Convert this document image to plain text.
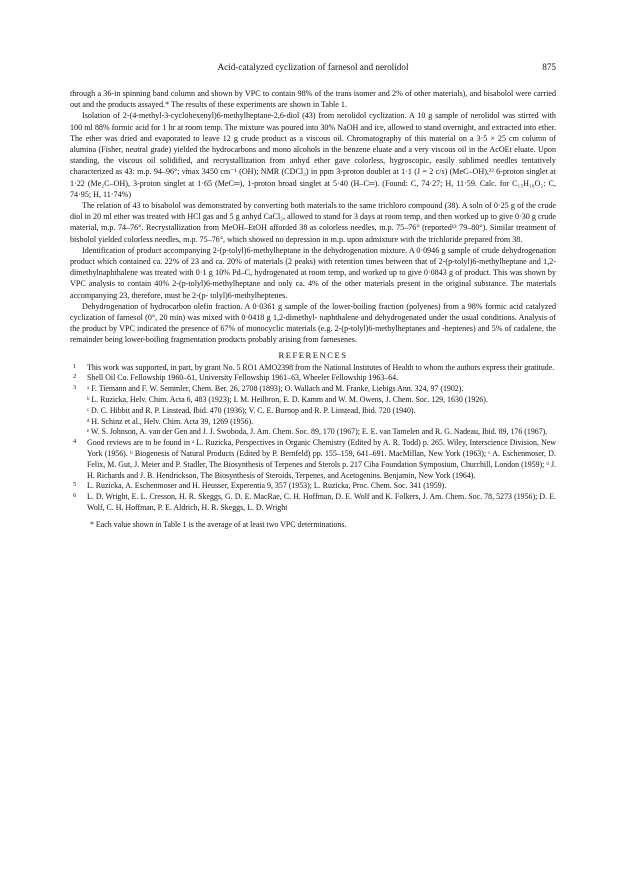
Acid-catalyzed cyclization of farnesol and nerolidol	875

through a 36-in spinning band column and shown by VPC to contain 98% of the trans isomer and 2% of other materials), and bisabolol were carried out and the products assayed.* The results of these experiments are shown in Table 1.

Isolation of 2-(4-methyl-3-cyclohexenyl)6-methylheptane-2,6-diol (43) from nerolidol cyclization. A 10 g sample of nerolidol was stirred with 100 ml 88% formic acid for 1 hr at room temp. The mixture was poured into 30% NaOH and ice, allowed to stand overnight, and extracted into ether. The ether was dried and evaporated to leave 12 g crude product as a viscous oil. Chromatography of this material on a 3·5 × 25 cm column of alumina (Fisher, neutral grade) yielded the hydrocarbons and mono alcohols in the benzene eluate and a very viscous oil in the AcOEt eluate. Upon standing, the viscous oil solidified, and recrystallization from anhyd ether gave colorless, hygroscopic, easily sublimed needles tentatively characterized as 43: m.p. 94–96°; ν̃max 3450 cm⁻¹ (OH); NMR (CDCl₃) in ppm 3-proton doublet at 1·1 (J = 2 c/s) (MeC–OH),²² 6-proton singlet at 1·22 (Me₂C–OH), 3-proton singlet at 1·65 (MeC═), 1-proton broad singlet at 5·40 (H–C═). (Found: C, 74·27; H, 11·59. Calc. for C₁₅H₁₈O₂: C, 74·95; H, 11·74%)

The relation of 43 to bisabolol was demonstrated by converting both materials to the same trichloro compound (38). A soln of 0·25 g of the crude diol in 20 ml ether was treated with HCl gas and 5 g anhyd CaCl₂, allowed to stand for 3 days at room temp, and then worked up to give 0·30 g crude material, m.p. 74–76°. Recrystallization from MeOH–EtOH afforded 38 as colorless needles, m.p. 75–76° (reported¹³ 79–80°). Similar treatment of bisbolol yielded colorless needles, m.p. 75–76°, which showed no depression in m.p. upon admixture with the trichloride prepared from 38.

Identification of product accompanying 2-(p-tolyl)6-methylheptane in the dehydrogenation mixture. A 0·0946 g sample of crude dehydrogenation product which contained ca. 22% of 23 and ca. 20% of materials (2 peaks) with retention times between that of 2-(p-tolyl)6-methylheptane and 1,2-dimethylnaphthalene was treated with 0·1 g 10% Pd–C, hydrogenated at room temp, and worked up to give 0·0843 g of product. This was shown by VPC analysis to contain 40% 2-(p-tolyl)6-methylheptane and only ca. 4% of the other materials present in the original substance. The materials accompanying 23, therefore, must be 2-(p- tolyl)6-methylheptenes.

Dehydrogenation of hydrocarbon olefin fraction. A 0·0361 g sample of the lower-boiling fraction (polyenes) from a 98% formic acid catalyzed cyclization of farnesol (0°, 20 min) was mixed with 0·0418 g 1,2-dimethyl- naphthalene and dehydrogenated under the usual conditions. Analysis of the product by VPC indicated the presence of 67% of monocyclic materials (e.g. 2-(p-tolyl)6-methylheptanes and -heptenes) and 5% of cadalene, the remainder being lower-boiling fragmentation products probably arising from farnesenes.

REFERENCES
1 This work was supported, in part, by grant No. 5 RO1 AMO2398 from the National Institutes of Health to whom the authors express their gratitude.
2 Shell Oil Co. Fellowship 1960–61, University Fellowship 1961–63, Wheeler Fellowship 1963–64.
3 ᵃ F. Tiemann and F. W. Semmler, Chem. Ber. 26, 2708 (1893); O. Wallach and M. Franke, Liebigs Ann. 324, 97 (1902).
ᵇ L. Ruzicka, Helv. Chim. Acta 6, 483 (1923); I. M. Heilbron, E. D. Kamm and W. M. Owens, J. Chem. Soc. 129, 1630 (1926).
ᶜ D. C. Hibbit and R. P. Linstead, Ibid. 470 (1936); V. C. E. Burnop and R. P. Linstead, Ibid. 720 (1940).
ᵈ H. Schinz et al., Helv. Chim. Acta 39, 1269 (1956).
ᵉ W. S. Johnson, A. van der Gen and J. J. Swoboda, J. Am. Chem. Soc. 89, 170 (1967); E. E. van Tamelen and R. G. Nadeau, Ibid. 89, 176 (1967).
4 Good reviews are to be found in ᵃ L. Ruzicka, Perspectives in Organic Chemistry (Edited by A. R. Todd) p. 265. Wiley, Interscience Division, New York (1956). ᵇ Biogenesis of Natural Products (Edited by P. Bernfeld) pp. 155–159, 641–691. MacMillan, New York (1963); ᶜ A. Eschenmoser, D. Felix, M. Gut, J. Meier and P. Stadler, The Biosynthesis of Terpenes and Sterols p. 217 Ciba Foundation Symposium, Churchill, London (1959); ᵈ J. H. Richards and J. B. Hendrickson, The Biosynthesis of Steroids, Terpenes, and Acetogenins. Benjamin, New York (1964).
5 L. Ruzicka, A. Eschenmoser and H. Heusser, Experentia 9, 357 (1953); L. Ruzicka, Proc. Chem. Soc. 341 (1959).
6 L. D. Wright, E. L. Cresson, H. R. Skeggs, G. D. E. MacRae, C. H. Hoffman, D. E. Wolf and K. Folkers, J. Am. Chem. Soc. 78, 5273 (1956); D. E. Wolf, C. H. Hoffman, P. E. Aldrich, H. R. Skeggs, L. D. Wright
* Each value shown in Table 1 is the average of at least two VPC determinations.
